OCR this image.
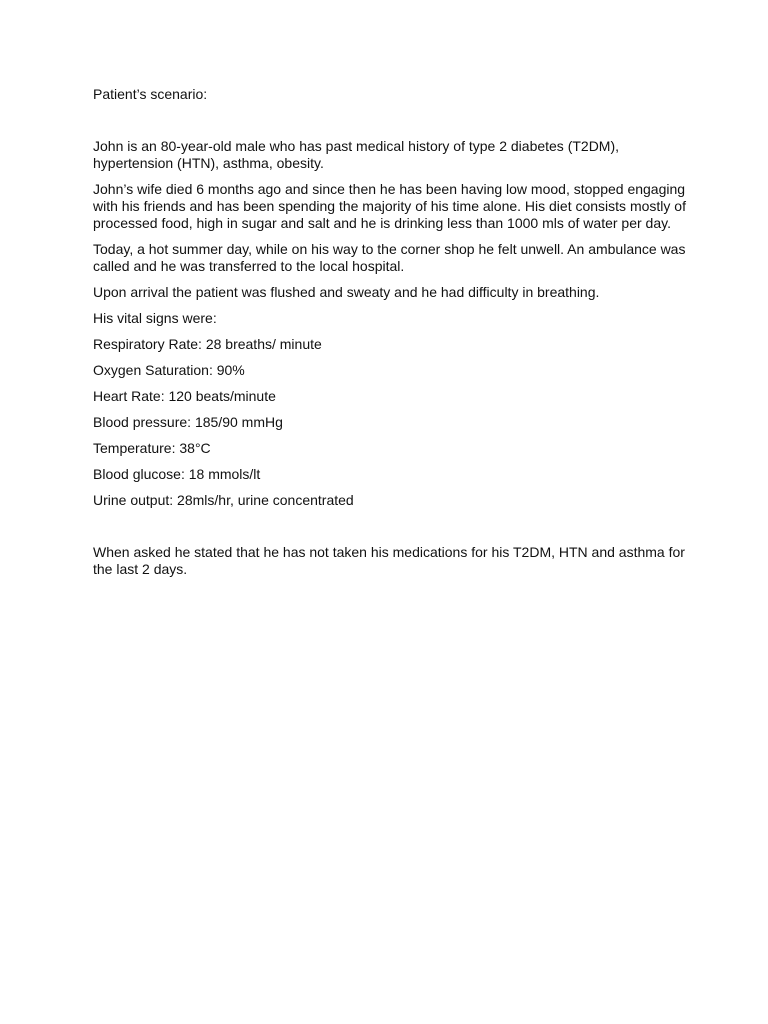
Patient’s scenario:

John is an 80-year-old male who has past medical history of type 2 diabetes (T2DM), hypertension (HTN), asthma, obesity.

John’s wife died 6 months ago and since then he has been having low mood, stopped engaging with his friends and has been spending the majority of his time alone. His diet consists mostly of processed food, high in sugar and salt and he is drinking less than 1000 mls of water per day.

Today, a hot summer day, while on his way to the corner shop he felt unwell. An ambulance was called and he was transferred to the local hospital.

Upon arrival the patient was flushed and sweaty and he had difficulty in breathing.

His vital signs were:

Respiratory Rate: 28 breaths/ minute

Oxygen Saturation: 90%

Heart Rate: 120 beats/minute

Blood pressure: 185/90 mmHg

Temperature: 38°C

Blood glucose: 18 mmols/lt

Urine output: 28mls/hr, urine concentrated

When asked he stated that he has not taken his medications for his T2DM, HTN and asthma for the last 2 days.
